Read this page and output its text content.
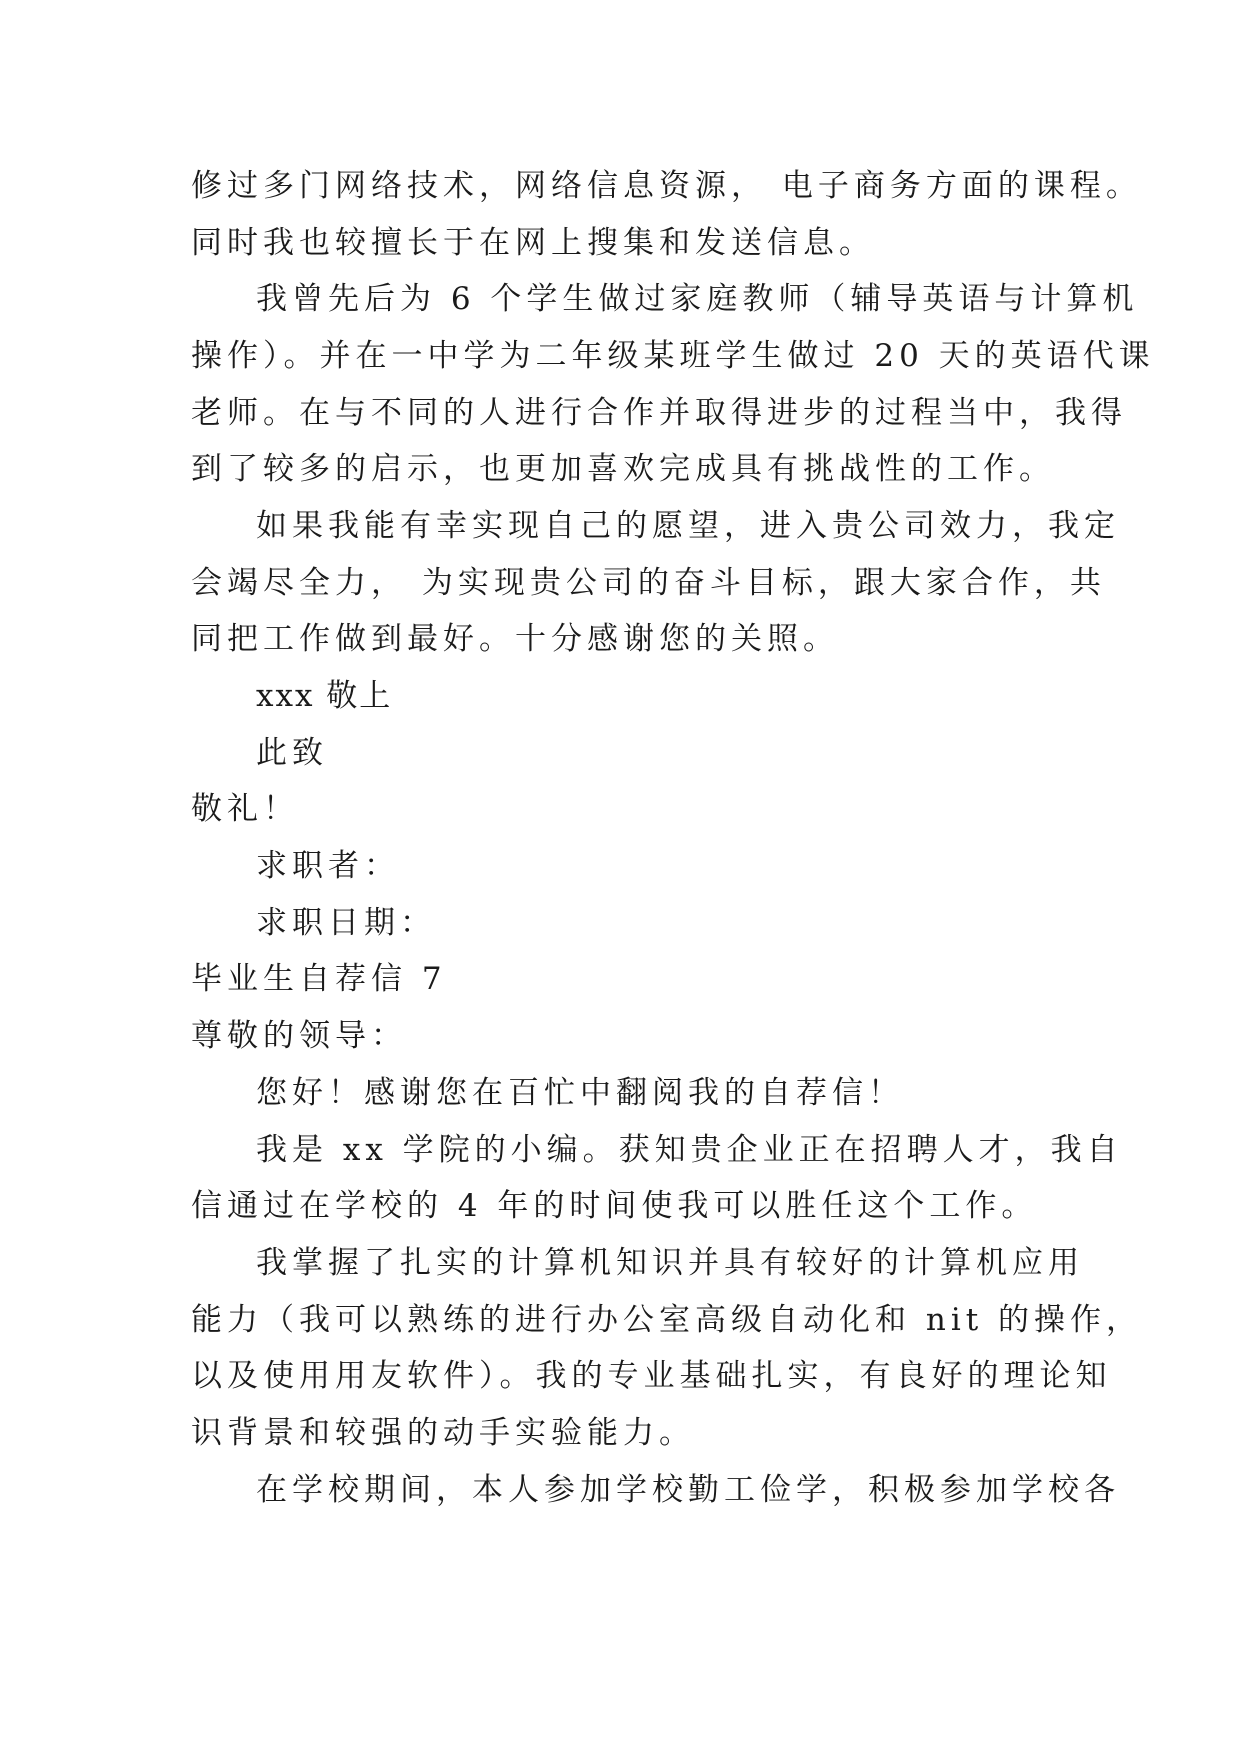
修过多门网络技术，网络信息资源， 电子商务方面的课程。
同时我也较擅长于在网上搜集和发送信息。
我曾先后为 6 个学生做过家庭教师（辅导英语与计算机
操作）。并在一中学为二年级某班学生做过 20 天的英语代课
老师。在与不同的人进行合作并取得进步的过程当中，我得
到了较多的启示，也更加喜欢完成具有挑战性的工作。
如果我能有幸实现自己的愿望，进入贵公司效力，我定
会竭尽全力， 为实现贵公司的奋斗目标，跟大家合作，共
同把工作做到最好。十分感谢您的关照。
xxx 敬上
此致
敬礼！
求职者：
求职日期：
毕业生自荐信 7
尊敬的领导：
您好！感谢您在百忙中翻阅我的自荐信！
我是 xx 学院的小编。获知贵企业正在招聘人才，我自
信通过在学校的 4 年的时间使我可以胜任这个工作。
我掌握了扎实的计算机知识并具有较好的计算机应用
能力（我可以熟练的进行办公室高级自动化和 nit 的操作，
以及使用用友软件）。我的专业基础扎实，有良好的理论知
识背景和较强的动手实验能力。
在学校期间，本人参加学校勤工俭学，积极参加学校各
